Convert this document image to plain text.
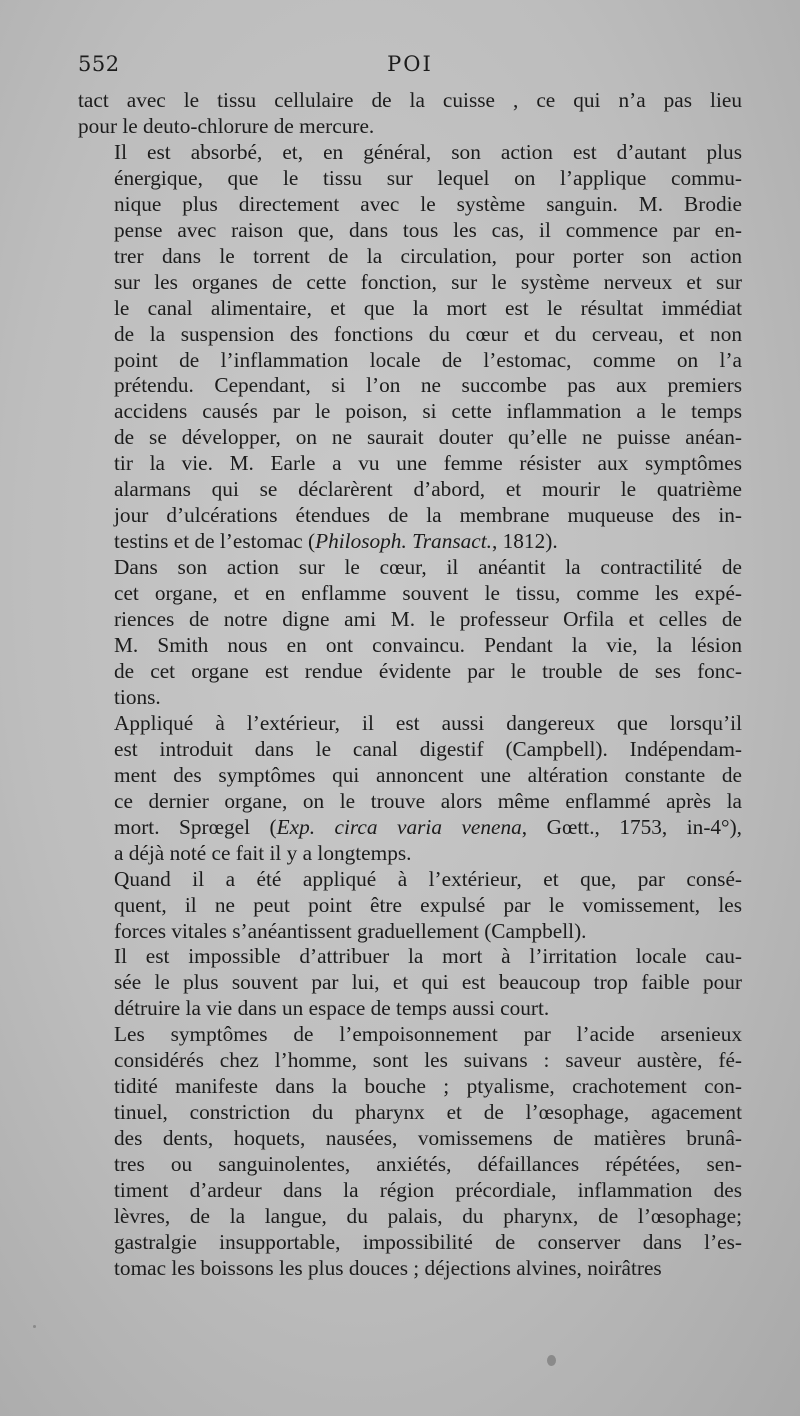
552	POI
tact avec le tissu cellulaire de la cuisse , ce qui n’a pas lieu
pour le deuto-chlorure de mercure.
Il est absorbé, et, en général, son action est d’autant plus
énergique, que le tissu sur lequel on l’applique commu-
nique plus directement avec le système sanguin. M. Brodie
pense avec raison que, dans tous les cas, il commence par en-
trer dans le torrent de la circulation, pour porter son action
sur les organes de cette fonction, sur le système nerveux et sur
le canal alimentaire, et que la mort est le résultat immédiat
de la suspension des fonctions du cœur et du cerveau, et non
point de l’inflammation locale de l’estomac, comme on l’a
prétendu. Cependant, si l’on ne succombe pas aux premiers
accidens causés par le poison, si cette inflammation a le temps
de se développer, on ne saurait douter qu’elle ne puisse anéan-
tir la vie. M. Earle a vu une femme résister aux symptômes
alarmans qui se déclarèrent d’abord, et mourir le quatrième
jour d’ulcérations étendues de la membrane muqueuse des in-
testins et de l’estomac (Philosoph. Transact., 1812).
Dans son action sur le cœur, il anéantit la contractilité de
cet organe, et en enflamme souvent le tissu, comme les expé-
riences de notre digne ami M. le professeur Orfila et celles de
M. Smith nous en ont convaincu. Pendant la vie, la lésion
de cet organe est rendue évidente par le trouble de ses fonc-
tions.
Appliqué à l’extérieur, il est aussi dangereux que lorsqu’il
est introduit dans le canal digestif (Campbell). Indépendam-
ment des symptômes qui annoncent une altération constante de
ce dernier organe, on le trouve alors même enflammé après la
mort. Sprœgel (Exp. circa varia venena, Gœtt., 1753, in-4°),
a déjà noté ce fait il y a longtemps.
Quand il a été appliqué à l’extérieur, et que, par consé-
quent, il ne peut point être expulsé par le vomissement, les
forces vitales s’anéantissent graduellement (Campbell).
Il est impossible d’attribuer la mort à l’irritation locale cau-
sée le plus souvent par lui, et qui est beaucoup trop faible pour
détruire la vie dans un espace de temps aussi court.
Les symptômes de l’empoisonnement par l’acide arsenieux
considérés chez l’homme, sont les suivans : saveur austère, fé-
tidité manifeste dans la bouche ; ptyalisme, crachotement con-
tinuel, constriction du pharynx et de l’œsophage, agacement
des dents, hoquets, nausées, vomissemens de matières brunâ-
tres ou sanguinolentes, anxiétés, défaillances répétées, sen-
timent d’ardeur dans la région précordiale, inflammation des
lèvres, de la langue, du palais, du pharynx, de l’œsophage;
gastralgie insupportable, impossibilité de conserver dans l’es-
tomac les boissons les plus douces ; déjections alvines, noirâtres
